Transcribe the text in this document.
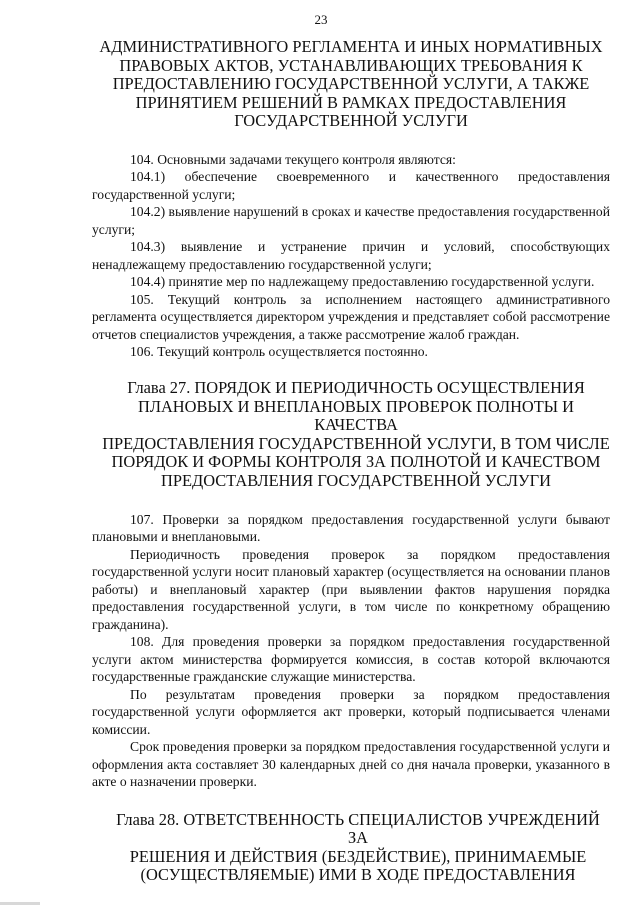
23
АДМИНИСТРАТИВНОГО РЕГЛАМЕНТА И ИНЫХ НОРМАТИВНЫХ
ПРАВОВЫХ АКТОВ, УСТАНАВЛИВАЮЩИХ ТРЕБОВАНИЯ К
ПРЕДОСТАВЛЕНИЮ ГОСУДАРСТВЕННОЙ УСЛУГИ, А ТАКЖЕ
ПРИНЯТИЕМ РЕШЕНИЙ В РАМКАХ ПРЕДОСТАВЛЕНИЯ
ГОСУДАРСТВЕННОЙ УСЛУГИ

104. Основными задачами текущего контроля являются:

104.1) обеспечение своевременного и качественного предоставления государственной услуги;

104.2) выявление нарушений в сроках и качестве предоставления государственной услуги;

104.3) выявление и устранение причин и условий, способствующих ненадлежащему предоставлению государственной услуги;

104.4) принятие мер по надлежащему предоставлению государственной услуги.

105. Текущий контроль за исполнением настоящего административного регламента осуществляется директором учреждения и представляет собой рассмотрение отчетов специалистов учреждения, а также рассмотрение жалоб граждан.

106. Текущий контроль осуществляется постоянно.

Глава 27. ПОРЯДОК И ПЕРИОДИЧНОСТЬ ОСУЩЕСТВЛЕНИЯ
ПЛАНОВЫХ И ВНЕПЛАНОВЫХ ПРОВЕРОК ПОЛНОТЫ И КАЧЕСТВА
ПРЕДОСТАВЛЕНИЯ ГОСУДАРСТВЕННОЙ УСЛУГИ, В ТОМ ЧИСЛЕ
ПОРЯДОК И ФОРМЫ КОНТРОЛЯ ЗА ПОЛНОТОЙ И КАЧЕСТВОМ
ПРЕДОСТАВЛЕНИЯ ГОСУДАРСТВЕННОЙ УСЛУГИ

107. Проверки за порядком предоставления государственной услуги бывают плановыми и внеплановыми.

Периодичность проведения проверок за порядком предоставления государственной услуги носит плановый характер (осуществляется на основании планов работы) и внеплановый характер (при выявлении фактов нарушения порядка предоставления государственной услуги, в том числе по конкретному обращению гражданина).

108. Для проведения проверки за порядком предоставления государственной услуги актом министерства формируется комиссия, в состав которой включаются государственные гражданские служащие министерства.

По результатам проведения проверки за порядком предоставления государственной услуги оформляется акт проверки, который подписывается членами комиссии.

Срок проведения проверки за порядком предоставления государственной услуги и оформления акта составляет 30 календарных дней со дня начала проверки, указанного в акте о назначении проверки.

Глава 28. ОТВЕТСТВЕННОСТЬ СПЕЦИАЛИСТОВ УЧРЕЖДЕНИЙ ЗА
РЕШЕНИЯ И ДЕЙСТВИЯ (БЕЗДЕЙСТВИЕ), ПРИНИМАЕМЫЕ
(ОСУЩЕСТВЛЯЕМЫЕ) ИМИ В ХОДЕ ПРЕДОСТАВЛЕНИЯ
